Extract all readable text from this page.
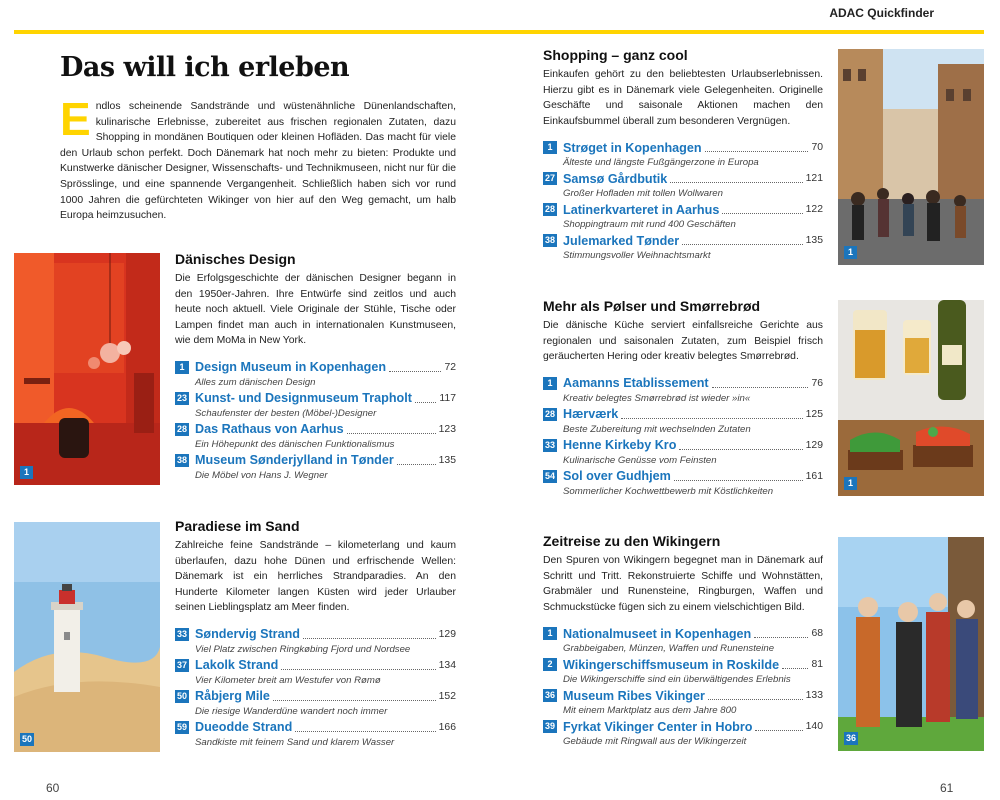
ADAC Quickfinder
Das will ich erleben
Endlos scheinende Sandstrände und wüstenähnliche Dünenlandschaften, kulinarische Erlebnisse, zubereitet aus frischen regionalen Zutaten, dazu Shopping in mondänen Boutiquen oder kleinen Hofläden. Das macht für viele den Urlaub schon perfekt. Doch Dänemark hat noch mehr zu bieten: Produkte und Kunstwerke dänischer Designer, Wissenschafts- und Technikmuseen, nicht nur für die Sprösslinge, und eine spannende Vergangenheit. Schließlich haben sich vor rund 1000 Jahren die gefürchteten Wikinger von hier auf den Weg gemacht, um halb Europa heimzusuchen.
1
50
1
1
36
Dänisches Design
Die Erfolgsgeschichte der dänischen Designer begann in den 1950er-Jahren. Ihre Entwürfe sind zeitlos und auch heute noch aktuell. Viele Originale der Stühle, Tische oder Lampen findet man auch in internationalen Kunstmuseen, wie dem MoMa in New York.
1 Design Museum in Kopenhagen	72
Alles zum dänischen Design
23 Kunst- und Designmuseum Trapholt	117
Schaufenster der besten (Möbel-)Designer
28 Das Rathaus von Aarhus	123
Ein Höhepunkt des dänischen Funktionalismus
38 Museum Sønderjylland in Tønder	135
Die Möbel von Hans J. Wegner
Paradiese im Sand
Zahlreiche feine Sandstrände – kilometerlang und kaum überlaufen, dazu hohe Dünen und erfrischende Wellen: Dänemark ist ein herrliches Strandparadies. An den Hunderte Kilometer langen Küsten wird jeder Urlauber seinen Lieblingsplatz am Meer finden.
33 Søndervig Strand	129
Viel Platz zwischen Ringkøbing Fjord und Nordsee
37 Lakolk Strand	134
Vier Kilometer breit am Westufer von Rømø
50 Råbjerg Mile	152
Die riesige Wanderdüne wandert noch immer
59 Dueodde Strand	166
Sandkiste mit feinem Sand und klarem Wasser
Shopping – ganz cool
Einkaufen gehört zu den beliebtesten Urlaubserlebnissen. Hierzu gibt es in Dänemark viele Gelegenheiten. Originelle Geschäfte und saisonale Aktionen machen den Einkaufsbummel überall zum besonderen Vergnügen.
1 Strøget in Kopenhagen	70
Älteste und längste Fußgängerzone in Europa
27 Samsø Gårdbutik	121
Großer Hofladen mit tollen Wollwaren
28 Latinerkvarteret in Aarhus	122
Shoppingtraum mit rund 400 Geschäften
38 Julemarked Tønder	135
Stimmungsvoller Weihnachtsmarkt
Mehr als Pølser und Smørrebrød
Die dänische Küche serviert einfallsreiche Gerichte aus regionalen und saisonalen Zutaten, zum Beispiel frisch geräucherten Hering oder kreativ belegtes Smørrebrød.
1 Aamanns Etablissement	76
Kreativ belegtes Smørrebrød ist wieder »in«
28 Hærværk	125
Beste Zubereitung mit wechselnden Zutaten
33 Henne Kirkeby Kro	129
Kulinarische Genüsse vom Feinsten
54 Sol over Gudhjem	161
Sommerlicher Kochwettbewerb mit Köstlichkeiten
Zeitreise zu den Wikingern
Den Spuren von Wikingern begegnet man in Dänemark auf Schritt und Tritt. Rekonstruierte Schiffe und Wohnstätten, Grabmäler und Runensteine, Ringburgen, Waffen und Schmuckstücke fügen sich zu einem vielschichtigen Bild.
1 Nationalmuseet in Kopenhagen	68
Grabbeigaben, Münzen, Waffen und Runensteine
2 Wikingerschiffsmuseum in Roskilde	81
Die Wikingerschiffe sind ein überwältigendes Erlebnis
36 Museum Ribes Vikinger	133
Mit einem Marktplatz aus dem Jahre 800
39 Fyrkat Vikinger Center in Hobro	140
Gebäude mit Ringwall aus der Wikingerzeit
60	61
